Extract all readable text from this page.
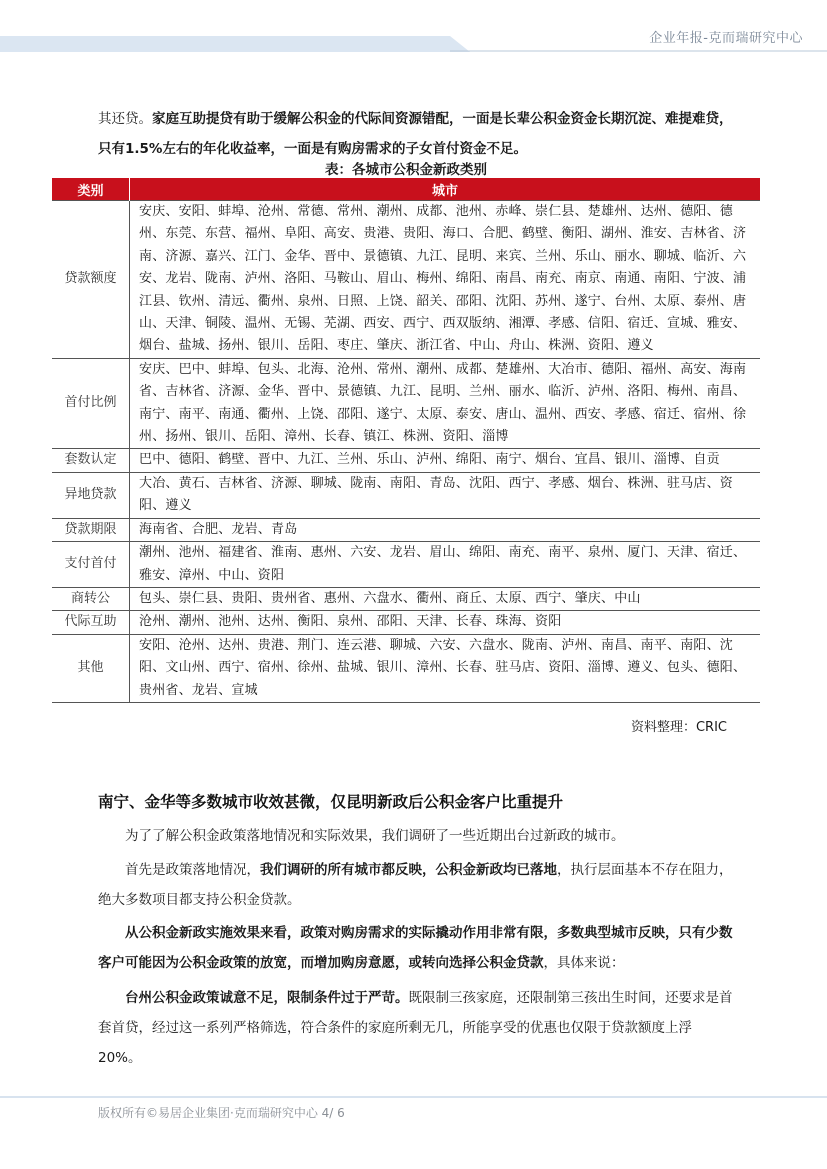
企业年报-克而瑞研究中心
其还贷。家庭互助提贷有助于缓解公积金的代际间资源错配，一面是长辈公积金资金长期沉淀、难提难贷，只有1.5%左右的年化收益率，一面是有购房需求的子女首付资金不足。
表：各城市公积金新政类别
类别	城市
贷款额度	安庆、安阳、蚌埠、沧州、常德、常州、潮州、成都、池州、赤峰、崇仁县、楚雄州、达州、德阳、德州、东莞、东营、福州、阜阳、高安、贵港、贵阳、海口、合肥、鹤壁、衡阳、湖州、淮安、吉林省、济南、济源、嘉兴、江门、金华、晋中、景德镇、九江、昆明、来宾、兰州、乐山、丽水、聊城、临沂、六安、龙岩、陇南、泸州、洛阳、马鞍山、眉山、梅州、绵阳、南昌、南充、南京、南通、南阳、宁波、浦江县、钦州、清远、衢州、泉州、日照、上饶、韶关、邵阳、沈阳、苏州、遂宁、台州、太原、泰州、唐山、天津、铜陵、温州、无锡、芜湖、西安、西宁、西双版纳、湘潭、孝感、信阳、宿迁、宣城、雅安、烟台、盐城、扬州、银川、岳阳、枣庄、肇庆、浙江省、中山、舟山、株洲、资阳、遵义
首付比例	安庆、巴中、蚌埠、包头、北海、沧州、常州、潮州、成都、楚雄州、大冶市、德阳、福州、高安、海南省、吉林省、济源、金华、晋中、景德镇、九江、昆明、兰州、丽水、临沂、泸州、洛阳、梅州、南昌、南宁、南平、南通、衢州、上饶、邵阳、遂宁、太原、泰安、唐山、温州、西安、孝感、宿迁、宿州、徐州、扬州、银川、岳阳、漳州、长春、镇江、株洲、资阳、淄博
套数认定	巴中、德阳、鹤壁、晋中、九江、兰州、乐山、泸州、绵阳、南宁、烟台、宜昌、银川、淄博、自贡
异地贷款	大冶、黄石、吉林省、济源、聊城、陇南、南阳、青岛、沈阳、西宁、孝感、烟台、株洲、驻马店、资阳、遵义
贷款期限	海南省、合肥、龙岩、青岛
支付首付	潮州、池州、福建省、淮南、惠州、六安、龙岩、眉山、绵阳、南充、南平、泉州、厦门、天津、宿迁、雅安、漳州、中山、资阳
商转公	包头、崇仁县、贵阳、贵州省、惠州、六盘水、衢州、商丘、太原、西宁、肇庆、中山
代际互助	沧州、潮州、池州、达州、衡阳、泉州、邵阳、天津、长春、珠海、资阳
其他	安阳、沧州、达州、贵港、荆门、连云港、聊城、六安、六盘水、陇南、泸州、南昌、南平、南阳、沈阳、文山州、西宁、宿州、徐州、盐城、银川、漳州、长春、驻马店、资阳、淄博、遵义、包头、德阳、贵州省、龙岩、宣城
资料整理：CRIC
南宁、金华等多数城市收效甚微，仅昆明新政后公积金客户比重提升
为了了解公积金政策落地情况和实际效果，我们调研了一些近期出台过新政的城市。
首先是政策落地情况，我们调研的所有城市都反映，公积金新政均已落地，执行层面基本不存在阻力，绝大多数项目都支持公积金贷款。
从公积金新政实施效果来看，政策对购房需求的实际撬动作用非常有限，多数典型城市反映，只有少数客户可能因为公积金政策的放宽，而增加购房意愿，或转向选择公积金贷款，具体来说：
台州公积金政策诚意不足，限制条件过于严苛。既限制三孩家庭，还限制第三孩出生时间，还要求是首套首贷，经过这一系列严格筛选，符合条件的家庭所剩无几，所能享受的优惠也仅限于贷款额度上浮 20%。
版权所有©易居企业集团·克而瑞研究中心 4/ 6
